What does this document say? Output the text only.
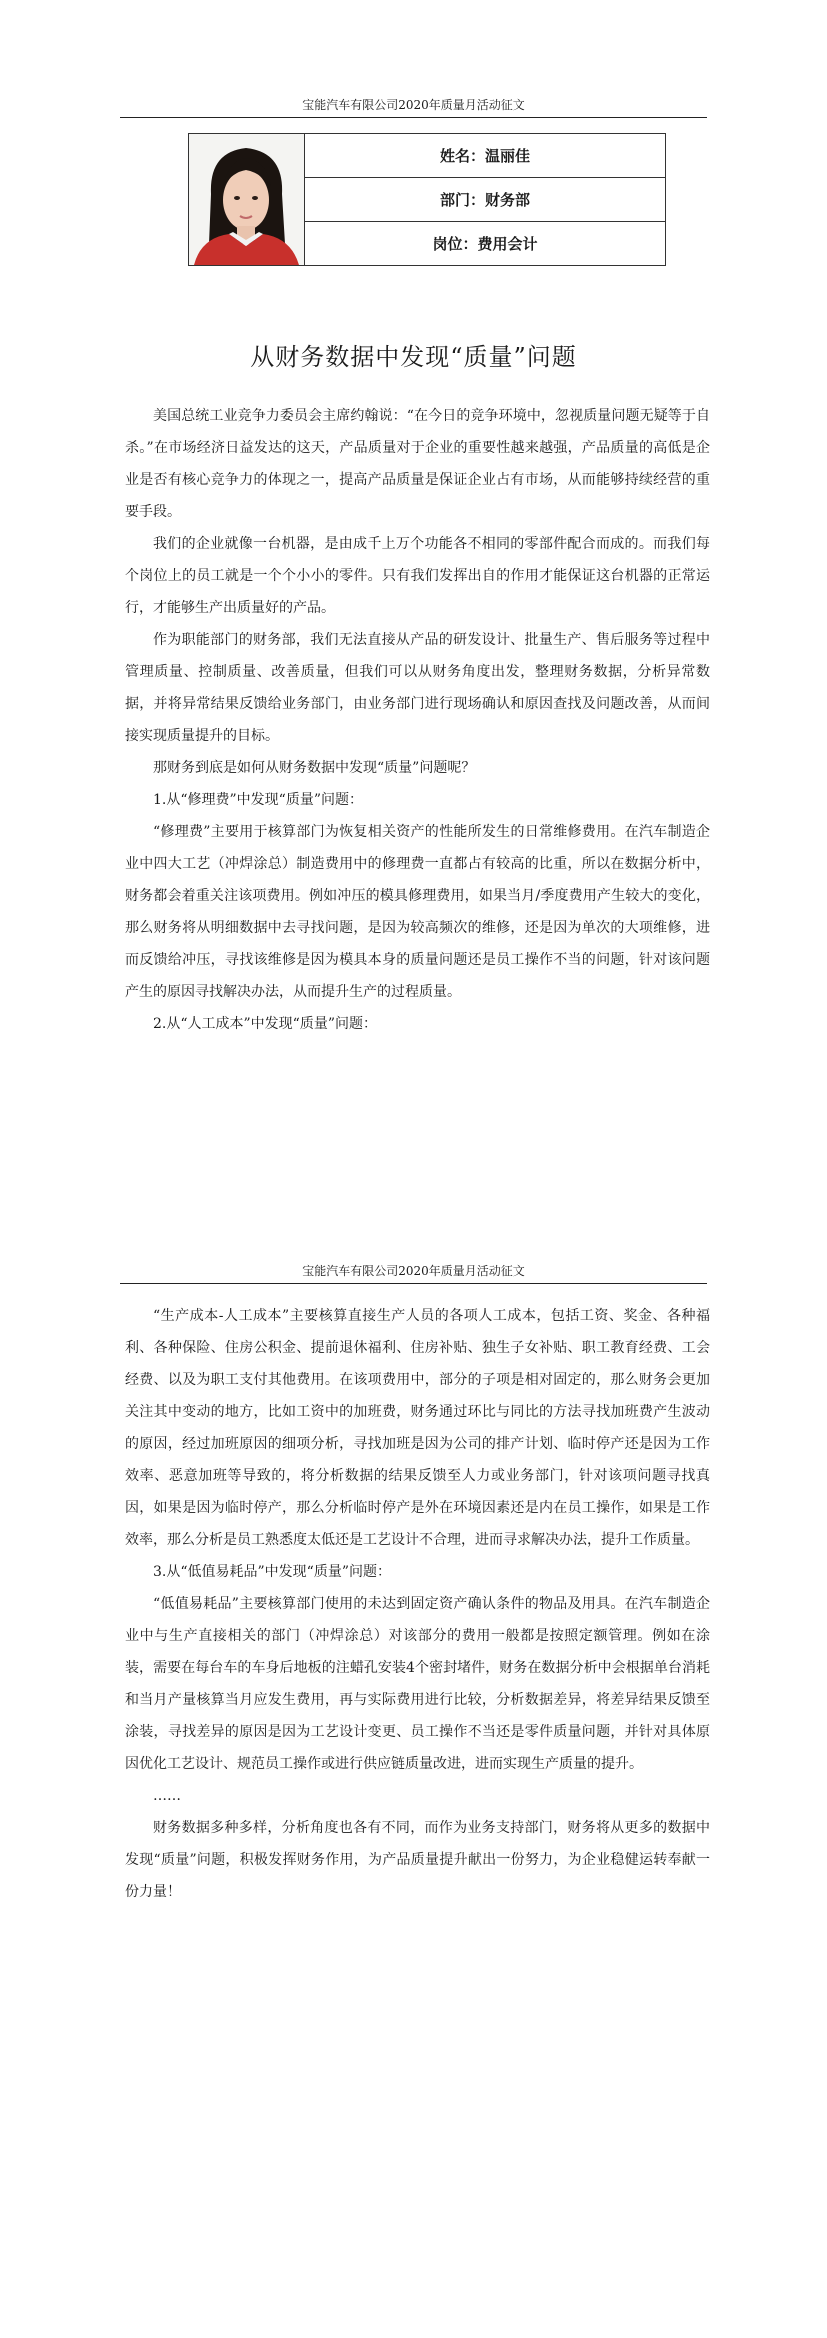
宝能汽车有限公司2020年质量月活动征文
姓名：温丽佳
部门：财务部
岗位：费用会计
从财务数据中发现“质量”问题

美国总统工业竞争力委员会主席约翰说：“在今日的竞争环境中，忽视质量问题无疑等于自杀。”在市场经济日益发达的这天，产品质量对于企业的重要性越来越强，产品质量的高低是企业是否有核心竞争力的体现之一，提高产品质量是保证企业占有市场，从而能够持续经营的重要手段。

我们的企业就像一台机器，是由成千上万个功能各不相同的零部件配合而成的。而我们每个岗位上的员工就是一个个小小的零件。只有我们发挥出自的作用才能保证这台机器的正常运行，才能够生产出质量好的产品。

作为职能部门的财务部，我们无法直接从产品的研发设计、批量生产、售后服务等过程中管理质量、控制质量、改善质量，但我们可以从财务角度出发，整理财务数据，分析异常数据，并将异常结果反馈给业务部门，由业务部门进行现场确认和原因查找及问题改善，从而间接实现质量提升的目标。

那财务到底是如何从财务数据中发现“质量”问题呢？

1.从“修理费”中发现“质量”问题：

“修理费”主要用于核算部门为恢复相关资产的性能所发生的日常维修费用。在汽车制造企业中四大工艺（冲焊涂总）制造费用中的修理费一直都占有较高的比重，所以在数据分析中，财务都会着重关注该项费用。例如冲压的模具修理费用，如果当月/季度费用产生较大的变化，那么财务将从明细数据中去寻找问题，是因为较高频次的维修，还是因为单次的大项维修，进而反馈给冲压，寻找该维修是因为模具本身的质量问题还是员工操作不当的问题，针对该问题产生的原因寻找解决办法，从而提升生产的过程质量。

2.从“人工成本”中发现“质量”问题：

宝能汽车有限公司2020年质量月活动征文

“生产成本-人工成本”主要核算直接生产人员的各项人工成本，包括工资、奖金、各种福利、各种保险、住房公积金、提前退休福利、住房补贴、独生子女补贴、职工教育经费、工会经费、以及为职工支付其他费用。在该项费用中，部分的子项是相对固定的，那么财务会更加关注其中变动的地方，比如工资中的加班费，财务通过环比与同比的方法寻找加班费产生波动的原因，经过加班原因的细项分析，寻找加班是因为公司的排产计划、临时停产还是因为工作效率、恶意加班等导致的，将分析数据的结果反馈至人力或业务部门，针对该项问题寻找真因，如果是因为临时停产，那么分析临时停产是外在环境因素还是内在员工操作，如果是工作效率，那么分析是员工熟悉度太低还是工艺设计不合理，进而寻求解决办法，提升工作质量。

3.从“低值易耗品”中发现“质量”问题：

“低值易耗品”主要核算部门使用的未达到固定资产确认条件的物品及用具。在汽车制造企业中与生产直接相关的部门（冲焊涂总）对该部分的费用一般都是按照定额管理。例如在涂装，需要在每台车的车身后地板的注蜡孔安装4个密封堵件，财务在数据分析中会根据单台消耗和当月产量核算当月应发生费用，再与实际费用进行比较，分析数据差异，将差异结果反馈至涂装，寻找差异的原因是因为工艺设计变更、员工操作不当还是零件质量问题，并针对具体原因优化工艺设计、规范员工操作或进行供应链质量改进，进而实现生产质量的提升。

……

财务数据多种多样，分析角度也各有不同，而作为业务支持部门，财务将从更多的数据中发现“质量”问题，积极发挥财务作用，为产品质量提升献出一份努力，为企业稳健运转奉献一份力量！
